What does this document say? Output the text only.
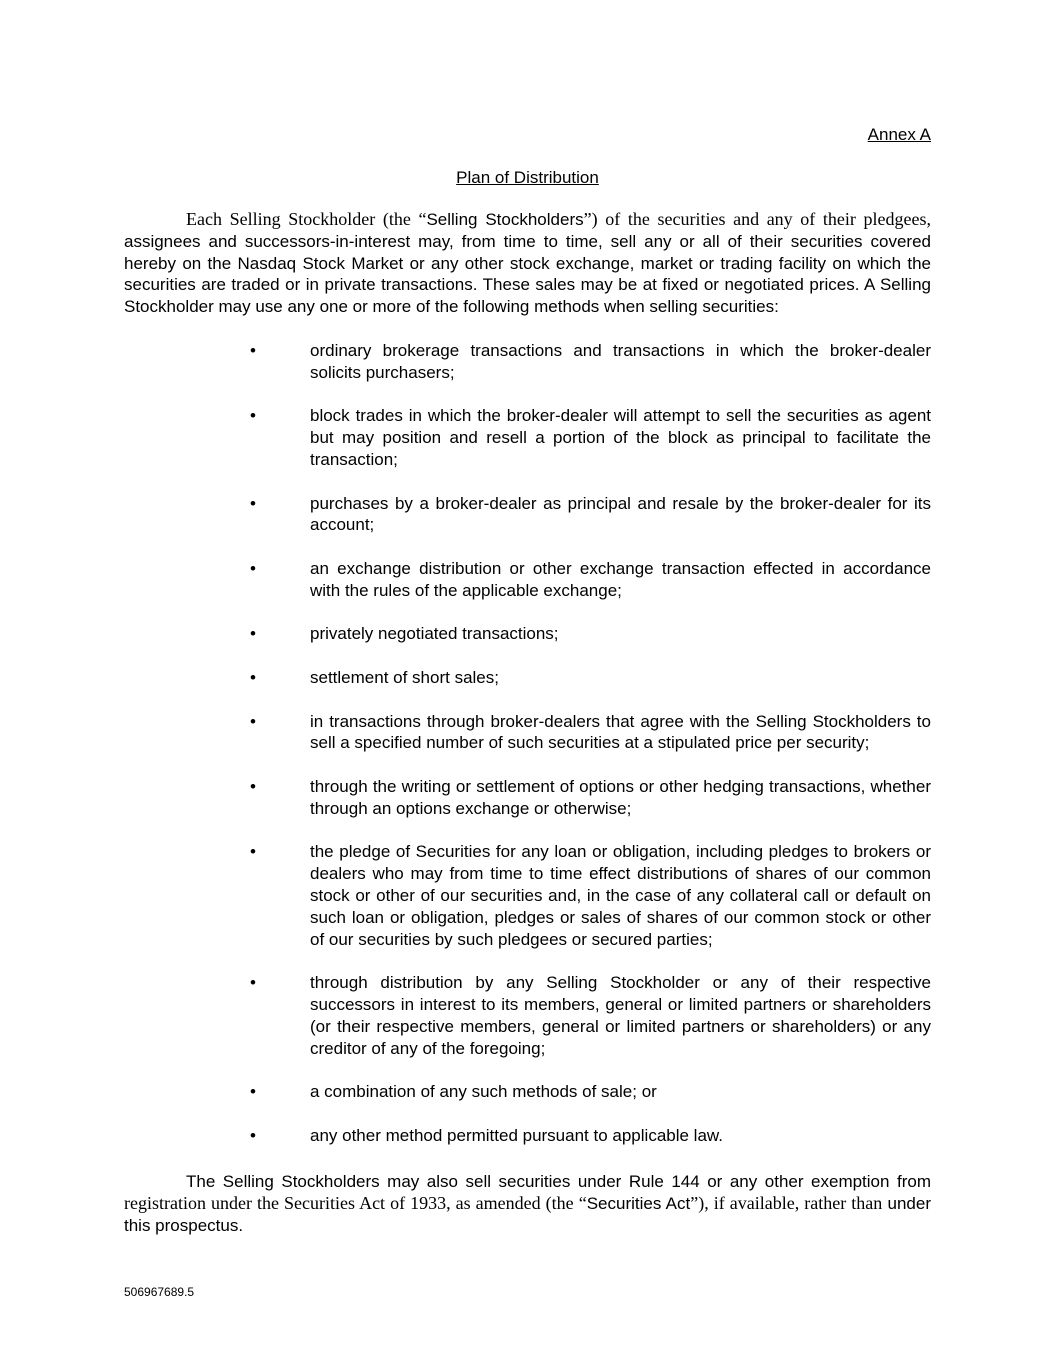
Annex A
Plan of Distribution

Each Selling Stockholder (the “Selling Stockholders”) of the securities and any of their pledgees, assignees and successors-in-interest may, from time to time, sell any or all of their securities covered hereby on the Nasdaq Stock Market or any other stock exchange, market or trading facility on which the securities are traded or in private transactions. These sales may be at fixed or negotiated prices. A Selling Stockholder may use any one or more of the following methods when selling securities:

•	ordinary brokerage transactions and transactions in which the broker-dealer solicits purchasers;
•	block trades in which the broker-dealer will attempt to sell the securities as agent but may position and resell a portion of the block as principal to facilitate the transaction;
•	purchases by a broker-dealer as principal and resale by the broker-dealer for its account;
•	an exchange distribution or other exchange transaction effected in accordance with the rules of the applicable exchange;
•	privately negotiated transactions;
•	settlement of short sales;
•	in transactions through broker-dealers that agree with the Selling Stockholders to sell a specified number of such securities at a stipulated price per security;
•	through the writing or settlement of options or other hedging transactions, whether through an options exchange or otherwise;
•	the pledge of Securities for any loan or obligation, including pledges to brokers or dealers who may from time to time effect distributions of shares of our common stock or other of our securities and, in the case of any collateral call or default on such loan or obligation, pledges or sales of shares of our common stock or other of our securities by such pledgees or secured parties;
•	through distribution by any Selling Stockholder or any of their respective successors in interest to its members, general or limited partners or shareholders (or their respective members, general or limited partners or shareholders) or any creditor of any of the foregoing;
•	a combination of any such methods of sale; or
•	any other method permitted pursuant to applicable law.

The Selling Stockholders may also sell securities under Rule 144 or any other exemption from registration under the Securities Act of 1933, as amended (the “Securities Act”), if available, rather than under this prospectus.

506967689.5
